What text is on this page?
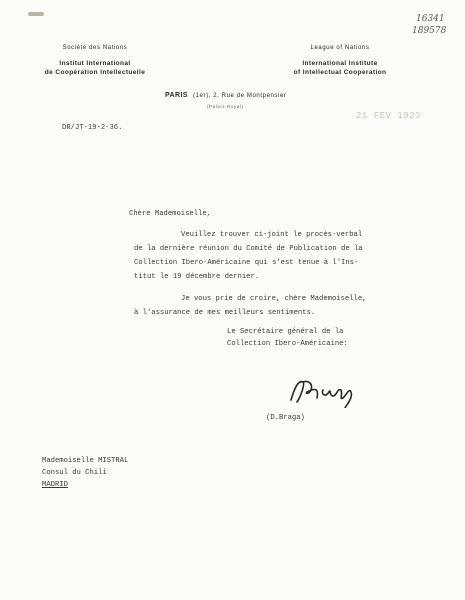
16341
189578
Société des Nations
Institut International
de Coopération Intellectuelle
League of Nations
International Institute
of Intellectual Cooperation
PARIS (1er), 2, Rue de Montpensier
(Palais-Royal)
21 FEV 1923
DR/JT-19-2-36.
Chère Mademoiselle,
Veuillez trouver ci-joint le procès-verbal
de la dernière réunion du Comité de Publication de la
Collection Ibero-Américaine qui s'est tenue à l'Ins-
titut le 19 décembre dernier.
Je vous prie de croire, chère Mademoiselle,
à l'assurance de mes meilleurs sentiments.
Le Secrétaire général de la
Collection Ibero-Américaine:
(D.Braga)
Mademoiselle MISTRAL
Consul du Chili
MADRID
